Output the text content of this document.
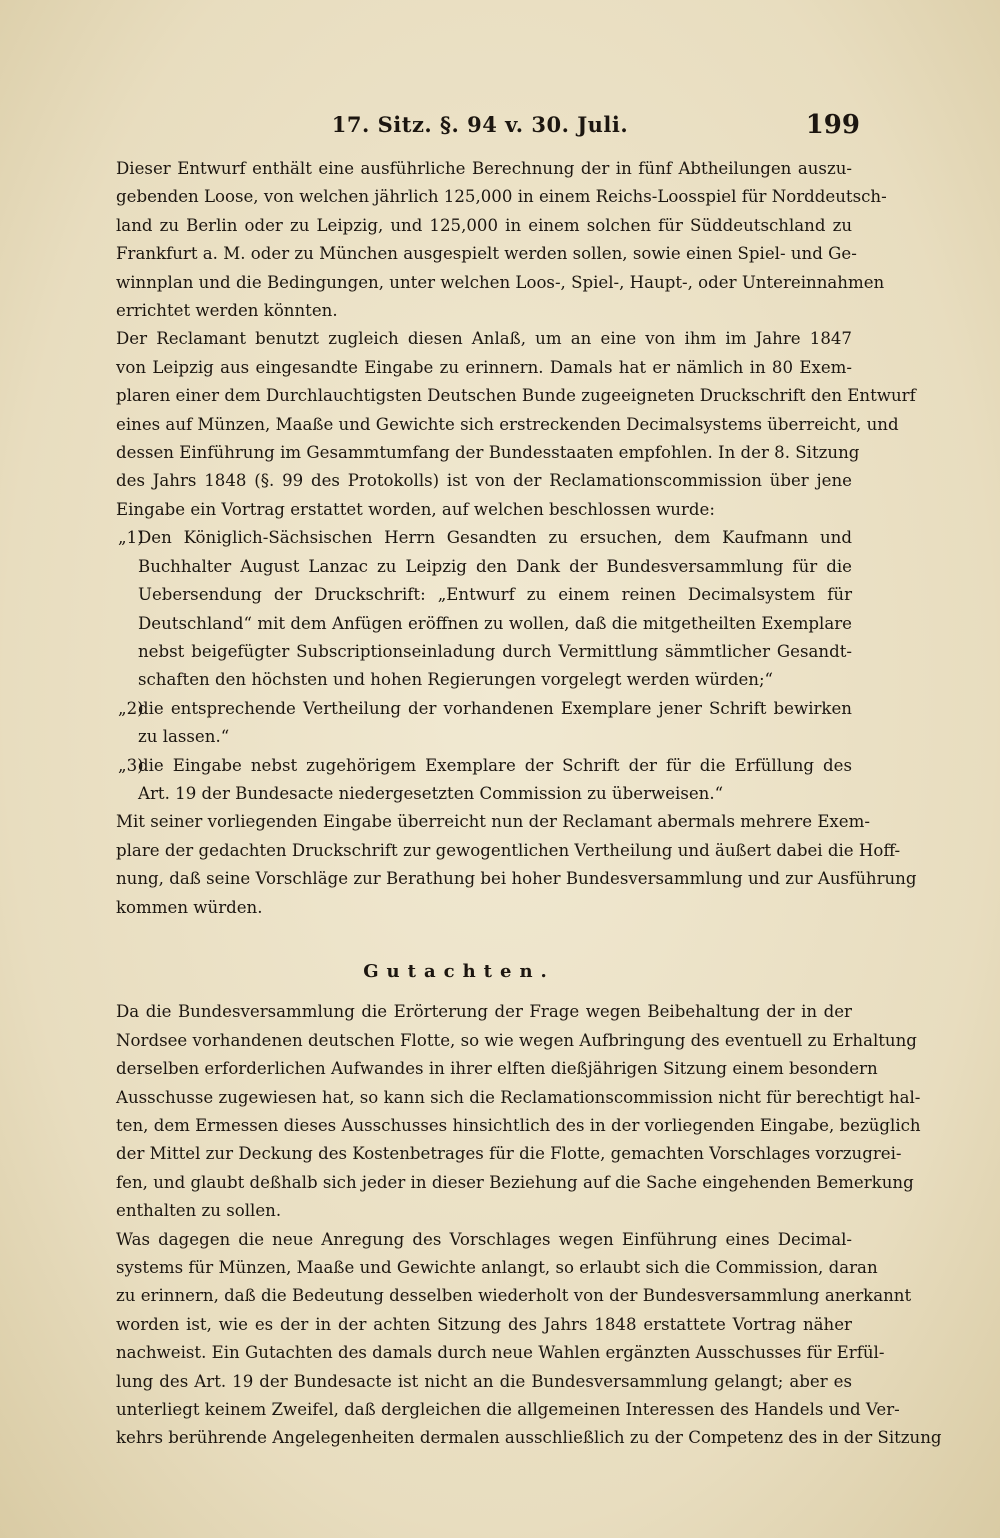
17. Sitz. §. 94 v. 30. Juli.	199

Dieser Entwurf enthält eine ausführliche Berechnung der in fünf Abtheilungen auszu-
gebenden Loose, von welchen jährlich 125,000 in einem Reichs-Loosspiel für Norddeutsch-
land zu Berlin oder zu Leipzig, und 125,000 in einem solchen für Süddeutschland zu
Frankfurt a. M. oder zu München ausgespielt werden sollen, sowie einen Spiel- und Ge-
winnplan und die Bedingungen, unter welchen Loos-, Spiel-, Haupt-, oder Untereinnahmen
errichtet werden könnten.

Der Reclamant benutzt zugleich diesen Anlaß, um an eine von ihm im Jahre 1847
von Leipzig aus eingesandte Eingabe zu erinnern. Damals hat er nämlich in 80 Exem-
plaren einer dem Durchlauchtigsten Deutschen Bunde zugeeigneten Druckschrift den Entwurf
eines auf Münzen, Maaße und Gewichte sich erstreckenden Decimalsystems überreicht, und
dessen Einführung im Gesammtumfang der Bundesstaaten empfohlen. In der 8. Sitzung
des Jahrs 1848 (§. 99 des Protokolls) ist von der Reclamationscommission über jene
Eingabe ein Vortrag erstattet worden, auf welchen beschlossen wurde:

„1)
Den Königlich-Sächsischen Herrn Gesandten zu ersuchen, dem Kaufmann und
Buchhalter August Lanzac zu Leipzig den Dank der Bundesversammlung für die
Uebersendung der Druckschrift: „Entwurf zu einem reinen Decimalsystem für
Deutschland“ mit dem Anfügen eröffnen zu wollen, daß die mitgetheilten Exemplare
nebst beigefügter Subscriptionseinladung durch Vermittlung sämmtlicher Gesandt-
schaften den höchsten und hohen Regierungen vorgelegt werden würden;“
„2)
die entsprechende Vertheilung der vorhandenen Exemplare jener Schrift bewirken
zu lassen.“
„3)
die Eingabe nebst zugehörigem Exemplare der Schrift der für die Erfüllung des
Art. 19 der Bundesacte niedergesetzten Commission zu überweisen.“

Mit seiner vorliegenden Eingabe überreicht nun der Reclamant abermals mehrere Exem-
plare der gedachten Druckschrift zur gewogentlichen Vertheilung und äußert dabei die Hoff-
nung, daß seine Vorschläge zur Berathung bei hoher Bundesversammlung und zur Ausführung
kommen würden.

Gutachten.

Da die Bundesversammlung die Erörterung der Frage wegen Beibehaltung der in der
Nordsee vorhandenen deutschen Flotte, so wie wegen Aufbringung des eventuell zu Erhaltung
derselben erforderlichen Aufwandes in ihrer elften dießjährigen Sitzung einem besondern
Ausschusse zugewiesen hat, so kann sich die Reclamationscommission nicht für berechtigt hal-
ten, dem Ermessen dieses Ausschusses hinsichtlich des in der vorliegenden Eingabe, bezüglich
der Mittel zur Deckung des Kostenbetrages für die Flotte, gemachten Vorschlages vorzugrei-
fen, und glaubt deßhalb sich jeder in dieser Beziehung auf die Sache eingehenden Bemerkung
enthalten zu sollen.

Was dagegen die neue Anregung des Vorschlages wegen Einführung eines Decimal-
systems für Münzen, Maaße und Gewichte anlangt, so erlaubt sich die Commission, daran
zu erinnern, daß die Bedeutung desselben wiederholt von der Bundesversammlung anerkannt
worden ist, wie es der in der achten Sitzung des Jahrs 1848 erstattete Vortrag näher
nachweist. Ein Gutachten des damals durch neue Wahlen ergänzten Ausschusses für Erfül-
lung des Art. 19 der Bundesacte ist nicht an die Bundesversammlung gelangt; aber es
unterliegt keinem Zweifel, daß dergleichen die allgemeinen Interessen des Handels und Ver-
kehrs berührende Angelegenheiten dermalen ausschließlich zu der Competenz des in der Sitzung
